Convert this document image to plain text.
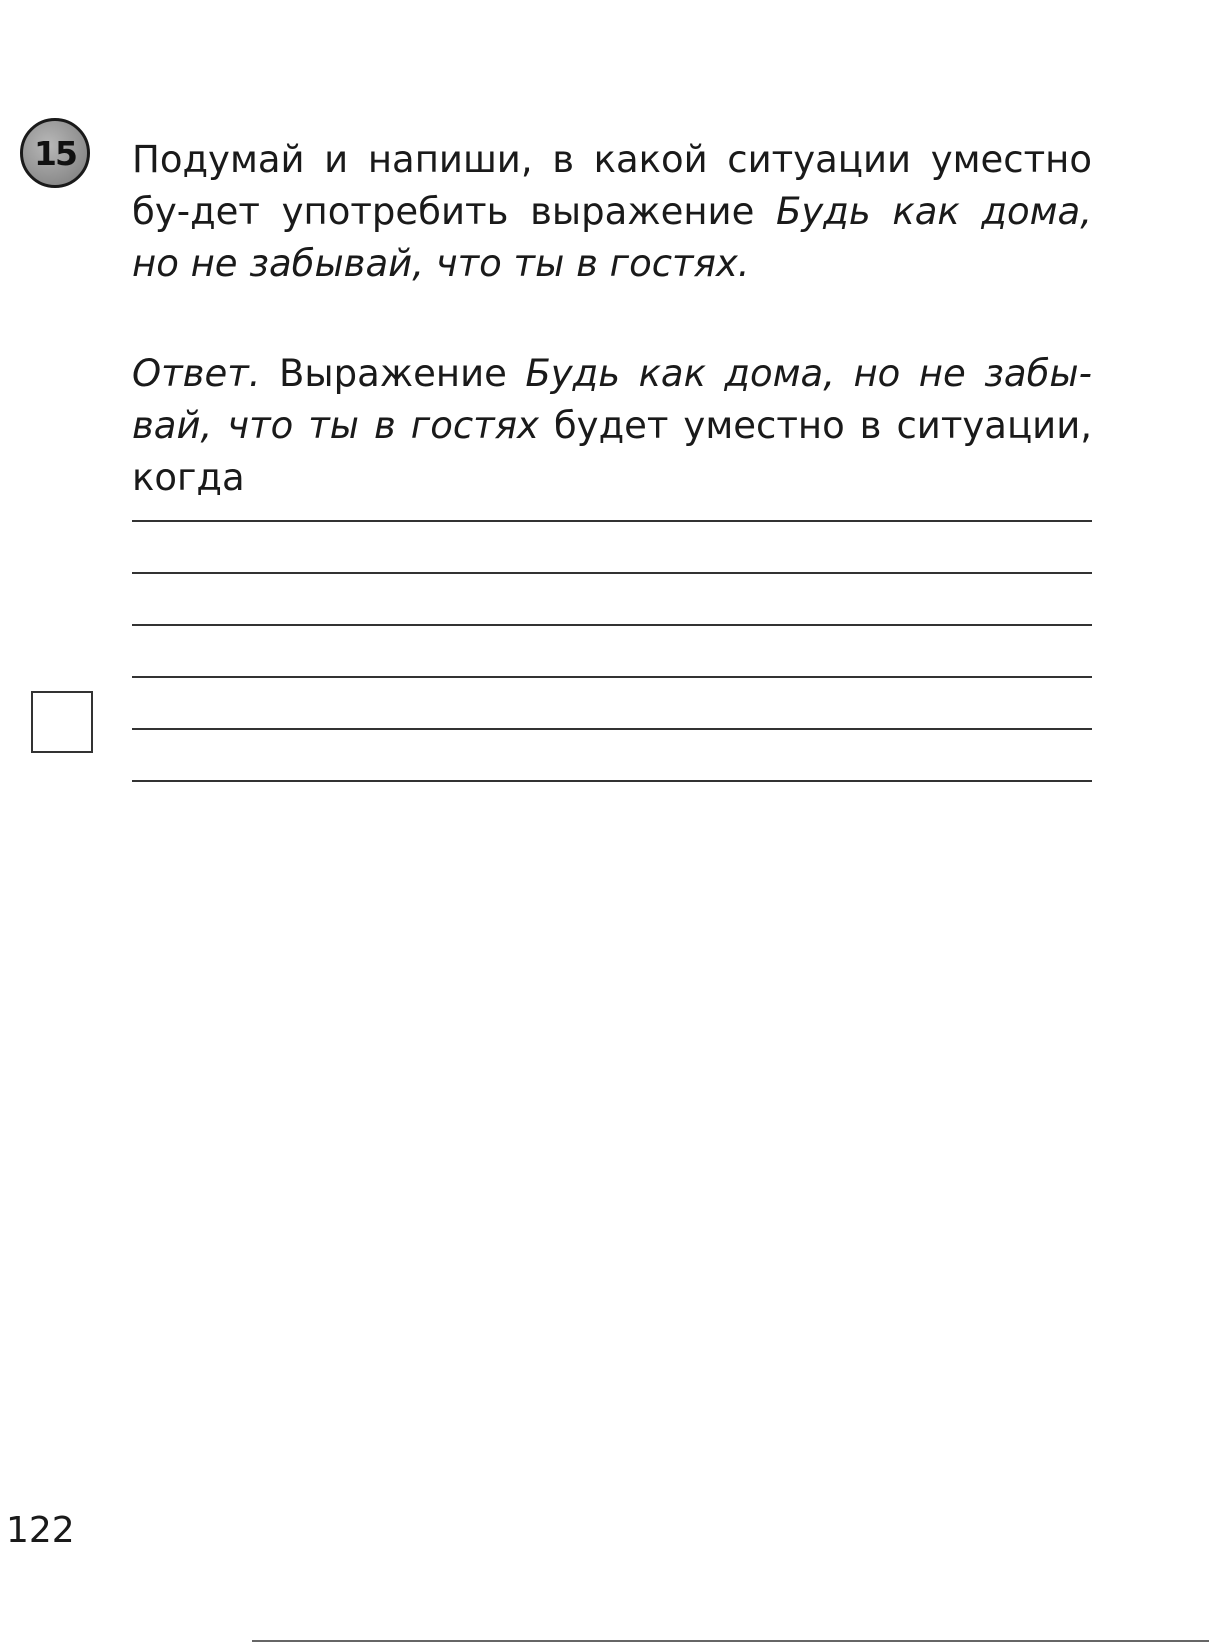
15 Подумай и напиши, в какой ситуации уместно бу-дет употребить выражение Будь как дома, но не забывай, что ты в гостях.

Ответ. Выражение Будь как дома, но не забы-вай, что ты в гостях будет уместно в ситуации, когда

122
